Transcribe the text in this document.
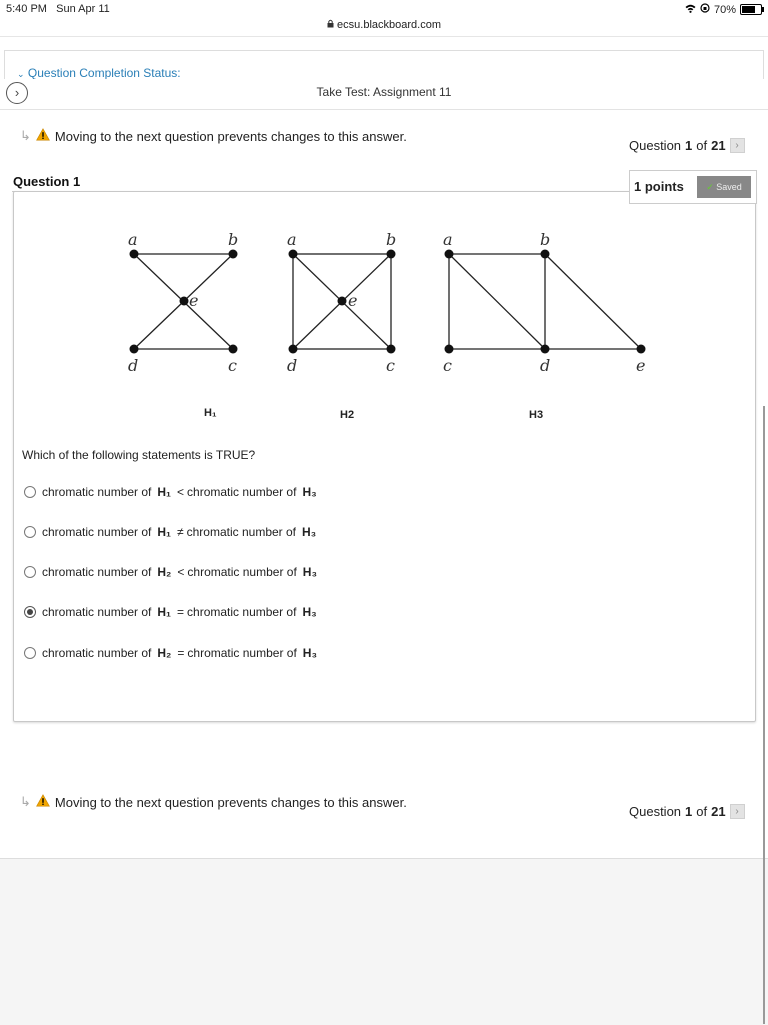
5:40 PM Sun Apr 11	70%
ecsu.blackboard.com
⌄ Question Completion Status:
Take Test: Assignment 11
›
↳ Moving to the next question prevents changes to this answer.
Question 1 of 21 ›
Question 1	1 points	✓ Saved
a	b
e
d	c
a	b
e
d	c
a	b
c	d	e
H₁	H2	H3
Which of the following statements is TRUE?
chromatic number of H₁ < chromatic number of H₃
chromatic number of H₁ ≠ chromatic number of H₃
chromatic number of H₂ < chromatic number of H₃
chromatic number of H₁ = chromatic number of H₃
chromatic number of H₂ = chromatic number of H₃
↳ Moving to the next question prevents changes to this answer.
Question 1 of 21 ›
